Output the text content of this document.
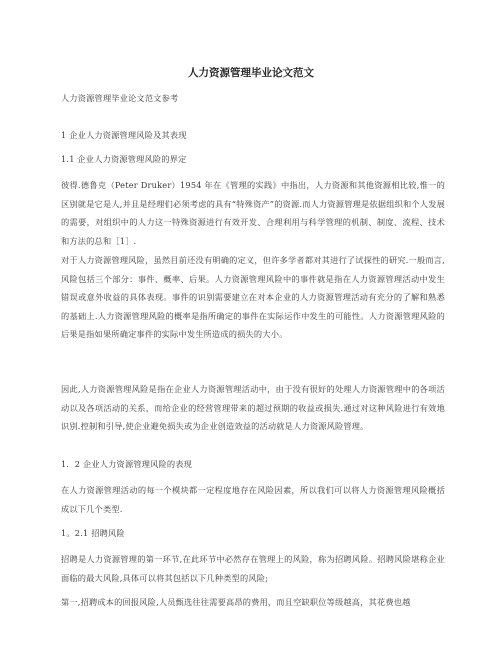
人力资源管理毕业论文范文

人力资源管理毕业论文范文参考

1 企业人力资源管理风险及其表现

1.1 企业人力资源管理风险的界定

彼得.德鲁克（Peter Druker）1954 年在《管理的实践》中指出，人力资源和其他资源相比较,惟一的区别就是它是人,并且是经理们必须考虑的具有“特殊资产”的资源.而人力资源管理是依据组织和个人发展的需要，对组织中的人力这一特殊资源进行有效开发、合理利用与科学管理的机制、制度、流程、技术和方法的总和［1］.

对于人力资源管理风险，虽然目前还没有明确的定义，但许多学者都对其进行了试探性的研究.一般而言,风险包括三个部分：事件、概率、后果。人力资源管理风险中的事件就是指在人力资源管理活动中发生错误或意外收益的具体表现。事件的识别需要建立在对本企业的人力资源管理活动有充分的了解和熟悉的基础上.人力资源管理风险的概率是指所确定的事件在实际运作中发生的可能性。人力资源管理风险的后果是指如果所确定事件的实际中发生所造成的损失的大小。

因此,人力资源管理风险是指在企业人力资源管理活动中，由于没有很好的处理人力资源管理中的各项活动以及各项活动的关系，而给企业的经营管理带来的超过预期的收益或损失.通过对这种风险进行有效地识别.控制和引导,使企业避免损失或为企业创造效益的活动就是人力资源风险管理。

1．2 企业人力资源管理风险的表现

在人力资源管理活动的每一个模块都一定程度地存在风险因素，所以我们可以将人力资源管理风险概括成以下几个类型.

1。2.1 招聘风险

招聘是人力资源管理的第一环节,在此环节中必然存在管理上的风险，称为招聘风险。招聘风险堪称企业面临的最大风险,具体可以将其包括以下几种类型的风险;

第一,招聘成本的回报风险,人员甄选往往需要高昂的费用，而且空缺职位等级越高，其花费也越
